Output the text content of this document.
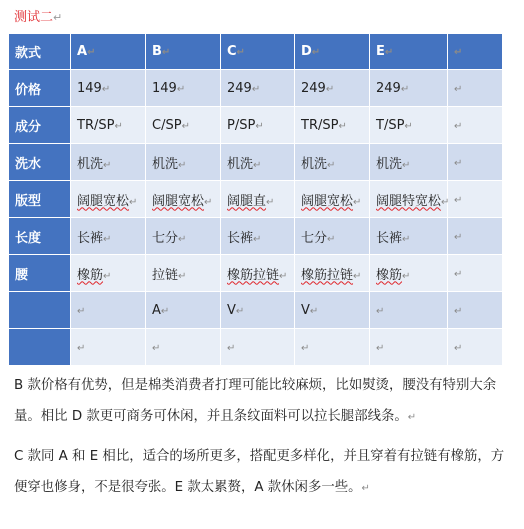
测试二↵
款式	A↵	B↵	C↵	D↵	E↵	↵
价格	149↵	149↵	249↵	249↵	249↵	↵
成分	TR/SP↵	C/SP↵	P/SP↵	TR/SP↵	T/SP↵	↵
洗水	机洗↵	机洗↵	机洗↵	机洗↵	机洗↵	↵
版型	阔腿宽松↵	阔腿宽松↵	阔腿直↵	阔腿宽松↵	阔腿特宽松↵	↵
长度	长裤↵	七分↵	长裤↵	七分↵	长裤↵	↵
腰	橡筋↵	拉链↵	橡筋拉链↵	橡筋拉链↵	橡筋↵	↵
	↵	A↵	V↵	V↵	↵	↵
	↵	↵	↵	↵	↵	↵
B 款价格有优势，但是棉类消费者打理可能比较麻烦，比如熨烫，腰没有特别大余量。相比 D 款更可商务可休闲，并且条纹面料可以拉长腿部线条。↵
C 款同 A 和 E 相比，适合的场所更多，搭配更多样化，并且穿着有拉链有橡筋，方便穿也修身，不是很夸张。E 款太累赘，A 款休闲多一些。↵
